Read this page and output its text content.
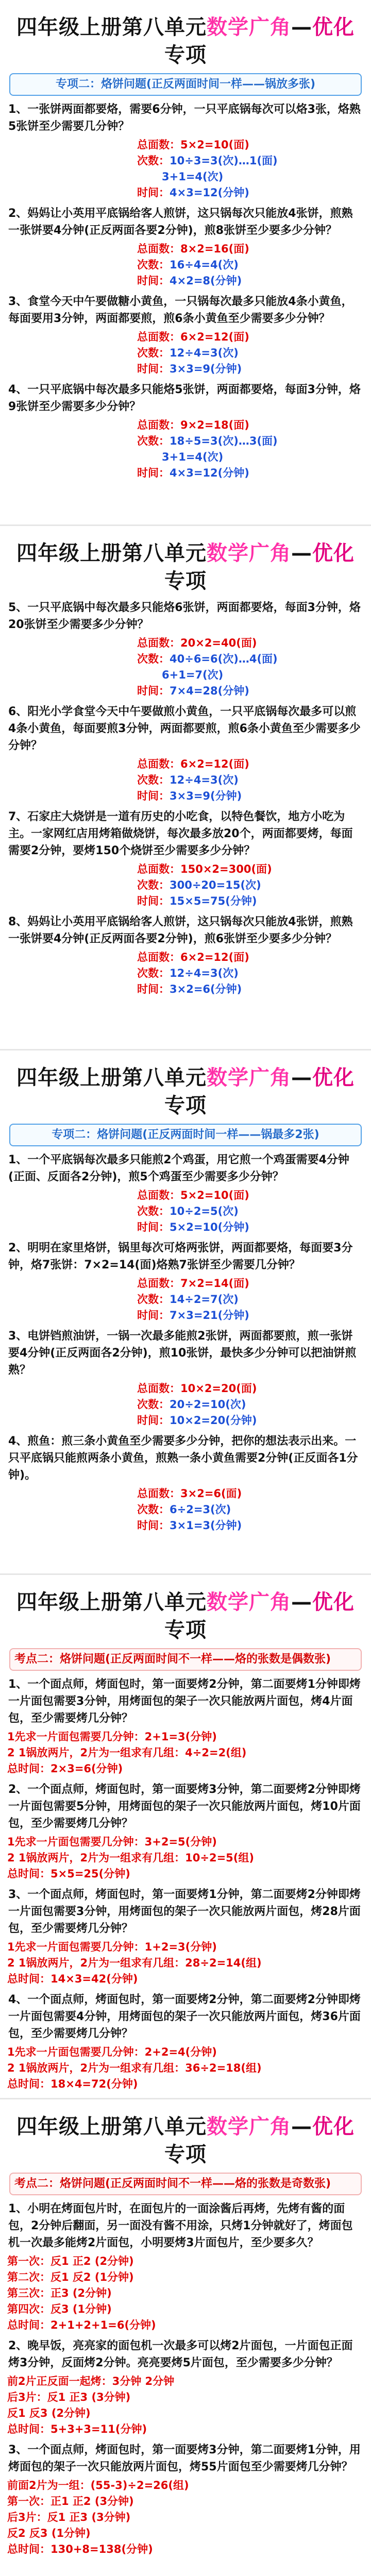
四年级上册第八单元数学广角—优化专项
专项二：烙饼问题(正反两面时间一样——锅放多张)
1、一张饼两面都要烙，需要6分钟，一只平底锅每次可以烙3张，烙熟5张饼至少需要几分钟？
总面数：5×2=10(面)
次数：10÷3=3(次)…1(面)
3+1=4(次)
时间：4×3=12(分钟)
2、妈妈让小英用平底锅给客人煎饼，这只锅每次只能放4张饼，煎熟一张饼要4分钟(正反两面各要2分钟)，煎8张饼至少要多少分钟？
总面数：8×2=16(面)
次数：16÷4=4(次)
时间：4×2=8(分钟)
3、食堂今天中午要做糖小黄鱼，一只锅每次最多只能放4条小黄鱼，每面要用3分钟，两面都要煎，煎6条小黄鱼至少需要多少分钟？
总面数：6×2=12(面)
次数：12÷4=3(次)
时间：3×3=9(分钟)
4、一只平底锅中每次最多只能烙5张饼，两面都要烙，每面3分钟，烙9张饼至少需要多少分钟？
总面数：9×2=18(面)
次数：18÷5=3(次)…3(面)
3+1=4(次)
时间：4×3=12(分钟)
四年级上册第八单元数学广角—优化专项
5、一只平底锅中每次最多只能烙6张饼，两面都要烙，每面3分钟，烙20张饼至少需要多少分钟？
总面数：20×2=40(面)
次数：40÷6=6(次)…4(面)
6+1=7(次)
时间：7×4=28(分钟)
6、阳光小学食堂今天中午要做煎小黄鱼，一只平底锅每次最多可以煎4条小黄鱼，每面要煎3分钟，两面都要煎，煎6条小黄鱼至少需要多少分钟？
总面数：6×2=12(面)
次数：12÷4=3(次)
时间：3×3=9(分钟)
7、石家庄大烧饼是一道有历史的小吃食，以特色餐饮，地方小吃为主。一家网红店用烤箱做烧饼，每次最多放20个，两面都要烤，每面需要2分钟，要烤150个烧饼至少需要多少分钟？
总面数：150×2=300(面)
次数：300÷20=15(次)
时间：15×5=75(分钟)
8、妈妈让小英用平底锅给客人煎饼，这只锅每次只能放4张饼，煎熟一张饼要4分钟(正反两面各要2分钟)，煎6张饼至少要多少分钟？
总面数：6×2=12(面)
次数：12÷4=3(次)
时间：3×2=6(分钟)
四年级上册第八单元数学广角—优化专项
专项二：烙饼问题(正反两面时间一样——锅最多2张)
1、一个平底锅每次最多只能煎2个鸡蛋，用它煎一个鸡蛋需要4分钟(正面、反面各2分钟)，煎5个鸡蛋至少需要多少分钟？
总面数：5×2=10(面)
次数：10÷2=5(次)
时间：5×2=10(分钟)
2、明明在家里烙饼，锅里每次可烙两张饼，两面都要烙，每面要3分钟，烙7张饼：7×2=14(面)烙熟7张饼至少需要几分钟？
总面数：7×2=14(面)
次数：14÷2=7(次)
时间：7×3=21(分钟)
3、电饼铛煎油饼，一锅一次最多能煎2张饼，两面都要煎，煎一张饼要4分钟(正反两面各2分钟)，煎10张饼，最快多少分钟可以把油饼煎熟？
总面数：10×2=20(面)
次数：20÷2=10(次)
时间：10×2=20(分钟)
4、煎鱼：煎三条小黄鱼至少需要多少分钟，把你的想法表示出来。一只平底锅只能煎两条小黄鱼，煎熟一条小黄鱼需要2分钟(正反面各1分钟)。
总面数：3×2=6(面)
次数：6÷2=3(次)
时间：3×1=3(分钟)
四年级上册第八单元数学广角—优化专项
考点二：烙饼问题(正反两面时间不一样——烙的张数是偶数张)
1、一个面点师，烤面包时，第一面要烤2分钟，第二面要烤1分钟即烤一片面包需要3分钟，用烤面包的架子一次只能放两片面包，烤4片面包，至少需要烤几分钟？
1先求一片面包需要几分钟：2+1=3(分钟)
2 1锅放两片，2片为一组求有几组：4÷2=2(组)
总时间：2×3=6(分钟)
2、一个面点师，烤面包时，第一面要烤3分钟，第二面要烤2分钟即烤一片面包需要5分钟，用烤面包的架子一次只能放两片面包，烤10片面包，至少需要烤几分钟？
1先求一片面包需要几分钟：3+2=5(分钟)
2 1锅放两片，2片为一组求有几组：10÷2=5(组)
总时间：5×5=25(分钟)
3、一个面点师，烤面包时，第一面要烤1分钟，第二面要烤2分钟即烤一片面包需要3分钟，用烤面包的架子一次只能放两片面包，烤28片面包，至少需要烤几分钟？
1先求一片面包需要几分钟：1+2=3(分钟)
2 1锅放两片，2片为一组求有几组：28÷2=14(组)
总时间：14×3=42(分钟)
4、一个面点师，烤面包时，第一面要烤2分钟，第二面要烤2分钟即烤一片面包需要4分钟，用烤面包的架子一次只能放两片面包，烤36片面包，至少需要烤几分钟？
1先求一片面包需要几分钟：2+2=4(分钟)
2 1锅放两片，2片为一组求有几组：36÷2=18(组)
总时间：18×4=72(分钟)
四年级上册第八单元数学广角—优化专项
考点二：烙饼问题(正反两面时间不一样——烙的张数是奇数张)
1、小明在烤面包片时，在面包片的一面涂酱后再烤，先烤有酱的面包，2分钟后翻面，另一面没有酱不用涂，只烤1分钟就好了，烤面包机一次最多能烤2片面包，小明要烤3片面包片，至少要多久？
第一次：反1 正2 (2分钟)
第二次：反1 反2 (1分钟)
第三次：正3 (2分钟)
第四次：反3 (1分钟)
总时间：2+1+2+1=6(分钟)
2、晚早饭，亮亮家的面包机一次最多可以烤2片面包，一片面包正面烤3分钟，反面烤2分钟。亮亮要烤5片面包，至少需要多少分钟？
前2片正反面一起烤：3分钟 2分钟
后3片：反1 正3 (3分钟)
反1 反3 (2分钟)
总时间：5+3+3=11(分钟)
3、一个面点师，烤面包时，第一面要烤3分钟，第二面要烤1分钟，用烤面包的架子一次只能放两片面包，烤55片面包至少需要烤几分钟？
前面2片为一组：(55-3)÷2=26(组)
第一次：正1 正2 (3分钟)
后3片：反1 正3 (3分钟)
反2 反3 (1分钟)
总时间：130+8=138(分钟)
